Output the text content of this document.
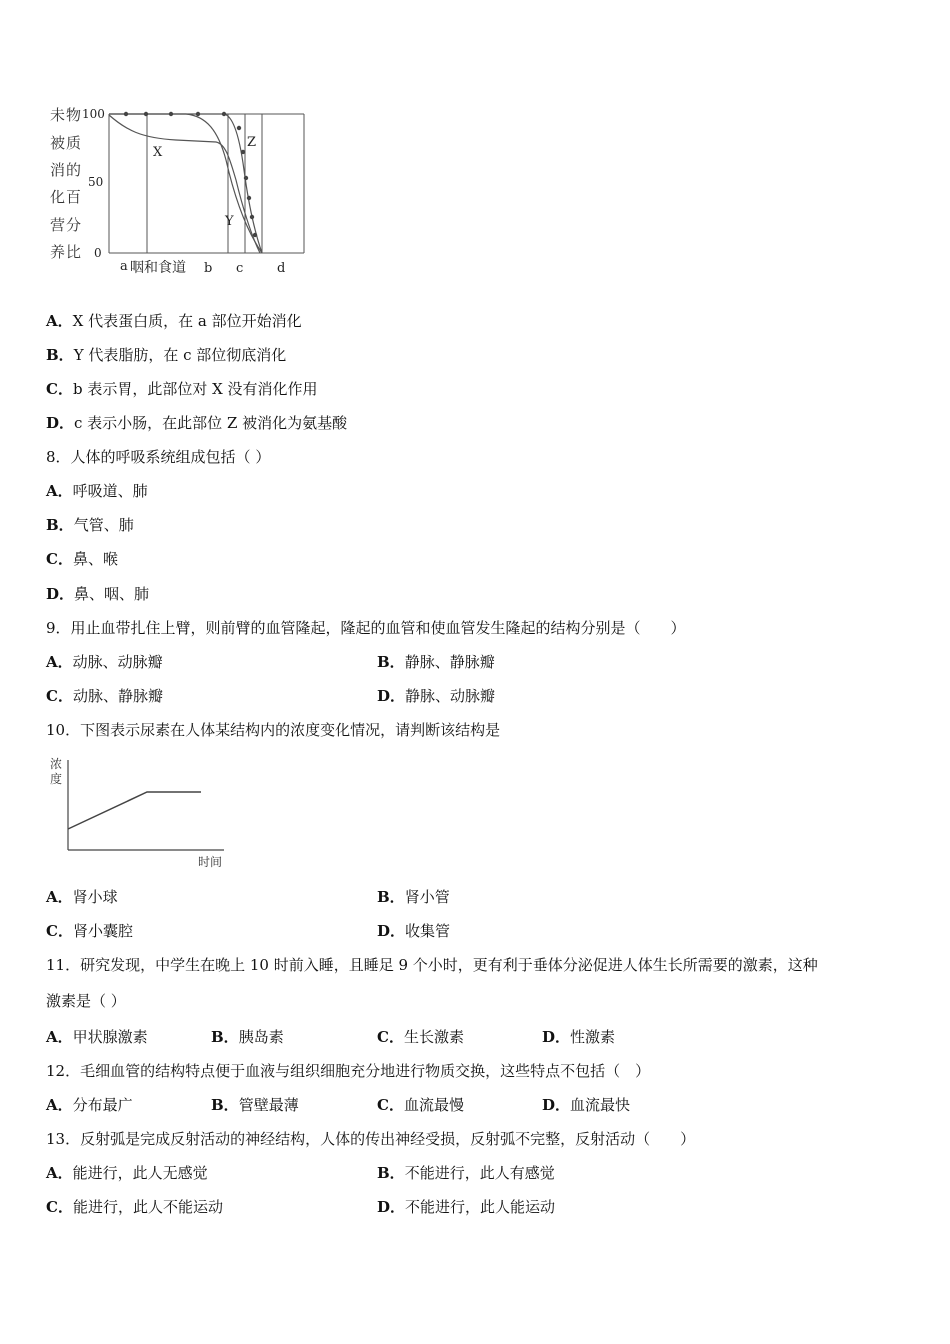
未 物
被 质
消 的
化 百
营 分
养 比
100
50
0
X
Y
Z
a 咽和食道 b c	d
A．X 代表蛋白质，在 a 部位开始消化
B．Y 代表脂肪，在 c 部位彻底消化
C．b 表示胃，此部位对 X 没有消化作用
D．c 表示小肠，在此部位 Z 被消化为氨基酸
8．人体的呼吸系统组成包括（ ）
A．呼吸道、肺
B．气管、肺
C．鼻、喉
D．鼻、咽、肺
9．用止血带扎住上臂，则前臂的血管隆起，隆起的血管和使血管发生隆起的结构分别是（　　）
A．动脉、动脉瓣	B．静脉、静脉瓣
C．动脉、静脉瓣	D．静脉、动脉瓣
10．下图表示尿素在人体某结构内的浓度变化情况，请判断该结构是
浓
度
时间
A．肾小球	B．肾小管
C．肾小囊腔	D．收集管
11．研究发现，中学生在晚上 10 时前入睡，且睡足 9 个小时，更有利于垂体分泌促进人体生长所需要的激素，这种
激素是（ ）
A．甲状腺激素	B．胰岛素	C．生长激素	D．性激素
12．毛细血管的结构特点便于血液与组织细胞充分地进行物质交换，这些特点不包括（　）
A．分布最广	B．管壁最薄	C．血流最慢	D．血流最快
13．反射弧是完成反射活动的神经结构，人体的传出神经受损，反射弧不完整，反射活动（　　）
A．能进行，此人无感觉	B．不能进行，此人有感觉
C．能进行，此人不能运动	D．不能进行，此人能运动
